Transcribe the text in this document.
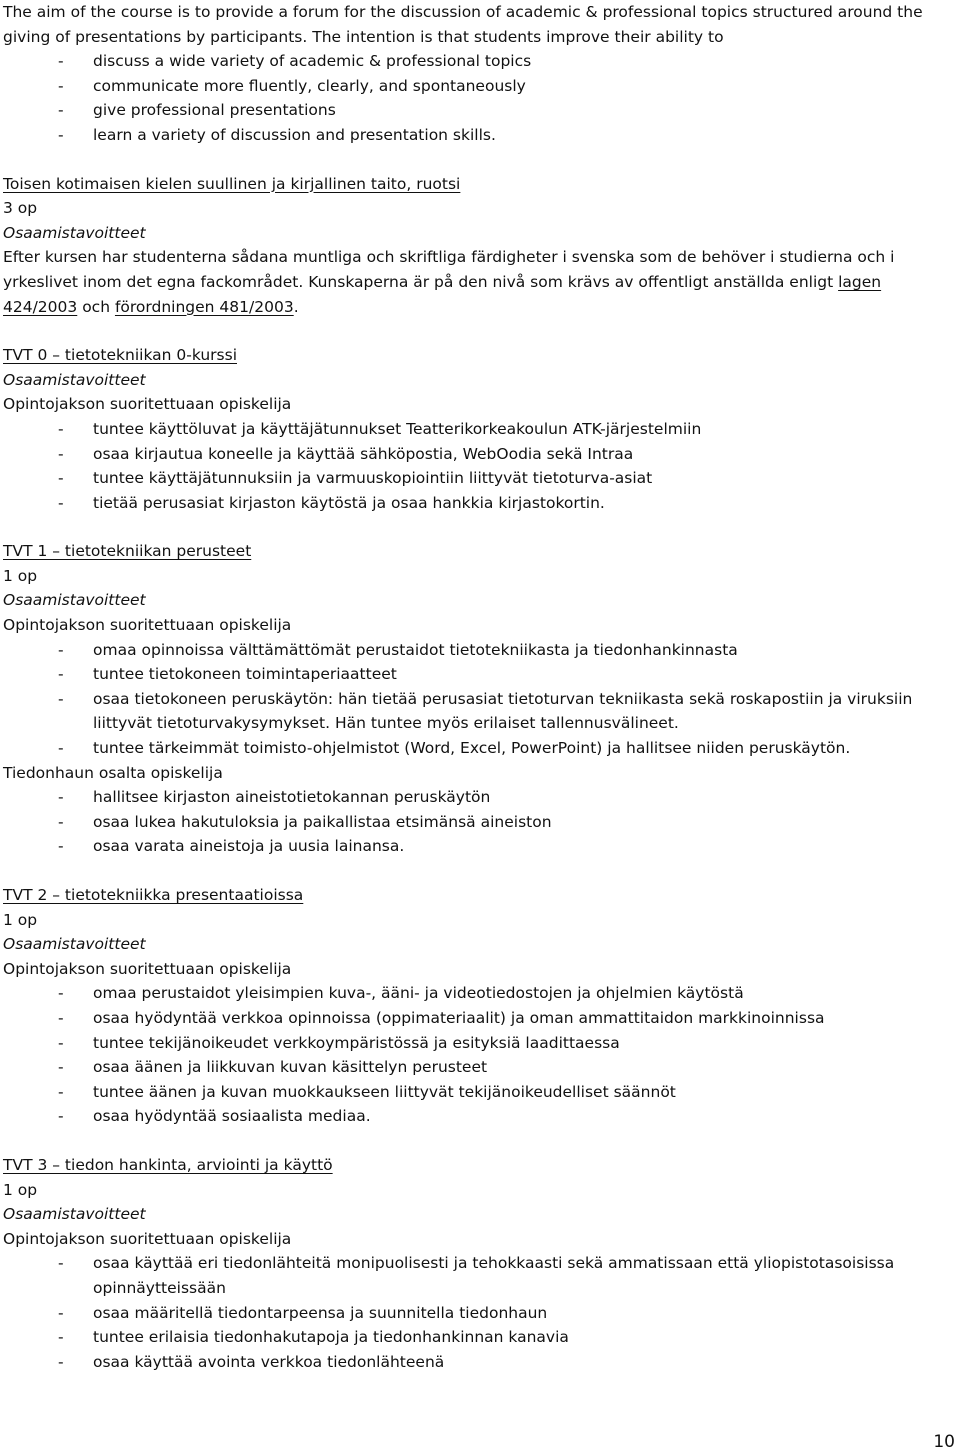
The aim of the course is to provide a forum for the discussion of academic & professional topics structured around the giving of presentations by participants. The intention is that students improve their ability to
- discuss a wide variety of academic & professional topics
- communicate more fluently, clearly, and spontaneously
- give professional presentations
- learn a variety of discussion and presentation skills.
Toisen kotimaisen kielen suullinen ja kirjallinen taito, ruotsi
3 op
Osaamistavoitteet
Efter kursen har studenterna sådana muntliga och skriftliga färdigheter i svenska som de behöver i studierna och i yrkeslivet inom det egna fackområdet. Kunskaperna är på den nivå som krävs av offentligt anställda enligt lagen 424/2003 och förordningen 481/2003.
TVT 0 – tietotekniikan 0-kurssi
Osaamistavoitteet
Opintojakson suoritettuaan opiskelija
- tuntee käyttöluvat ja käyttäjätunnukset Teatterikorkeakoulun ATK-järjestelmiin
- osaa kirjautua koneelle ja käyttää sähköpostia, WebOodia sekä Intraa
- tuntee käyttäjätunnuksiin ja varmuuskopiointiin liittyvät tietoturva-asiat
- tietää perusasiat kirjaston käytöstä ja osaa hankkia kirjastokortin.
TVT 1 – tietotekniikan perusteet
1 op
Osaamistavoitteet
Opintojakson suoritettuaan opiskelija
- omaa opinnoissa välttämättömät perustaidot tietotekniikasta ja tiedonhankinnasta
- tuntee tietokoneen toimintaperiaatteet
- osaa tietokoneen peruskäytön: hän tietää perusasiat tietoturvan tekniikasta sekä roskapostiin ja viruksiin liittyvät tietoturvakysymykset. Hän tuntee myös erilaiset tallennusvälineet.
- tuntee tärkeimmät toimisto-ohjelmistot (Word, Excel, PowerPoint) ja hallitsee niiden peruskäytön.
Tiedonhaun osalta opiskelija
- hallitsee kirjaston aineistotietokannan peruskäytön
- osaa lukea hakutuloksia ja paikallistaa etsimänsä aineiston
- osaa varata aineistoja ja uusia lainansa.
TVT 2 – tietotekniikka presentaatioissa
1 op
Osaamistavoitteet
Opintojakson suoritettuaan opiskelija
- omaa perustaidot yleisimpien kuva-, ääni- ja videotiedostojen ja ohjelmien käytöstä
- osaa hyödyntää verkkoa opinnoissa (oppimateriaalit) ja oman ammattitaidon markkinoinnissa
- tuntee tekijänoikeudet verkkoympäristössä ja esityksiä laadittaessa
- osaa äänen ja liikkuvan kuvan käsittelyn perusteet
- tuntee äänen ja kuvan muokkaukseen liittyvät tekijänoikeudelliset säännöt
- osaa hyödyntää sosiaalista mediaa.
TVT 3 – tiedon hankinta, arviointi ja käyttö
1 op
Osaamistavoitteet
Opintojakson suoritettuaan opiskelija
- osaa käyttää eri tiedonlähteitä monipuolisesti ja tehokkaasti sekä ammatissaan että yliopistotasoisissa opinnäytteissään
- osaa määritellä tiedontarpeensa ja suunnitella tiedonhaun
- tuntee erilaisia tiedonhakutapoja ja tiedonhankinnan kanavia
- osaa käyttää avointa verkkoa tiedonlähteenä
10
